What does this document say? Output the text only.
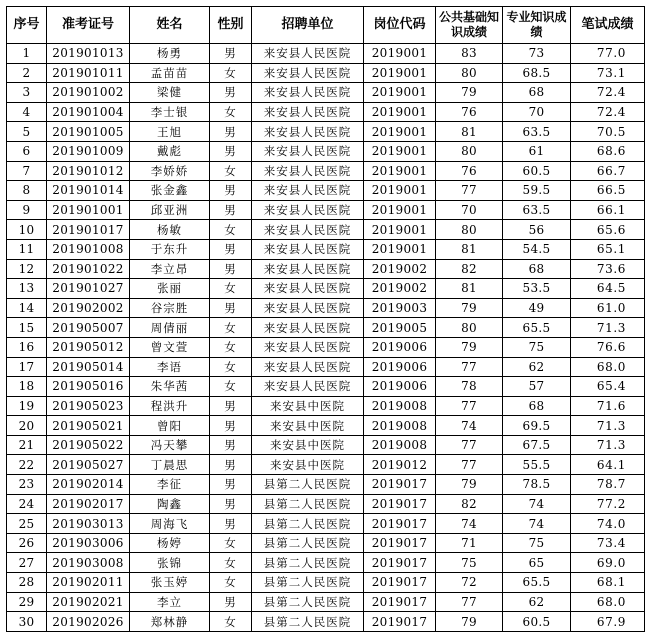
序号	准考证号	姓名	性别	招聘单位	岗位代码	公共基础知识成绩	专业知识成绩	笔试成绩
1	201901013	杨勇	男	来安县人民医院	2019001	83	73	77.0
2	201901011	孟苗苗	女	来安县人民医院	2019001	80	68.5	73.1
3	201901002	梁健	男	来安县人民医院	2019001	79	68	72.4
4	201901004	李士银	女	来安县人民医院	2019001	76	70	72.4
5	201901005	王旭	男	来安县人民医院	2019001	81	63.5	70.5
6	201901009	戴彪	男	来安县人民医院	2019001	80	61	68.6
7	201901012	李娇娇	女	来安县人民医院	2019001	76	60.5	66.7
8	201901014	张金鑫	男	来安县人民医院	2019001	77	59.5	66.5
9	201901001	邱亚洲	男	来安县人民医院	2019001	70	63.5	66.1
10	201901017	杨敏	女	来安县人民医院	2019001	80	56	65.6
11	201901008	于东升	男	来安县人民医院	2019001	81	54.5	65.1
12	201901022	李立昂	男	来安县人民医院	2019002	82	68	73.6
13	201901027	张丽	女	来安县人民医院	2019002	81	53.5	64.5
14	201902002	谷宗胜	男	来安县人民医院	2019003	79	49	61.0
15	201905007	周倩丽	女	来安县人民医院	2019005	80	65.5	71.3
16	201905012	曾文萱	女	来安县人民医院	2019006	79	75	76.6
17	201905014	李语	女	来安县人民医院	2019006	77	62	68.0
18	201905016	朱华茜	女	来安县人民医院	2019006	78	57	65.4
19	201905023	程洪升	男	来安县中医院	2019008	77	68	71.6
20	201905021	曾阳	男	来安县中医院	2019008	74	69.5	71.3
21	201905022	冯天攀	男	来安县中医院	2019008	77	67.5	71.3
22	201905027	丁晨思	男	来安县中医院	2019012	77	55.5	64.1
23	201902014	李征	男	县第二人民医院	2019017	79	78.5	78.7
24	201902017	陶鑫	男	县第二人民医院	2019017	82	74	77.2
25	201903013	周海飞	男	县第二人民医院	2019017	74	74	74.0
26	201903006	杨婷	女	县第二人民医院	2019017	71	75	73.4
27	201903008	张锦	女	县第二人民医院	2019017	75	65	69.0
28	201902011	张玉婷	女	县第二人民医院	2019017	72	65.5	68.1
29	201902021	李立	男	县第二人民医院	2019017	77	62	68.0
30	201902026	郑林静	女	县第二人民医院	2019017	79	60.5	67.9
